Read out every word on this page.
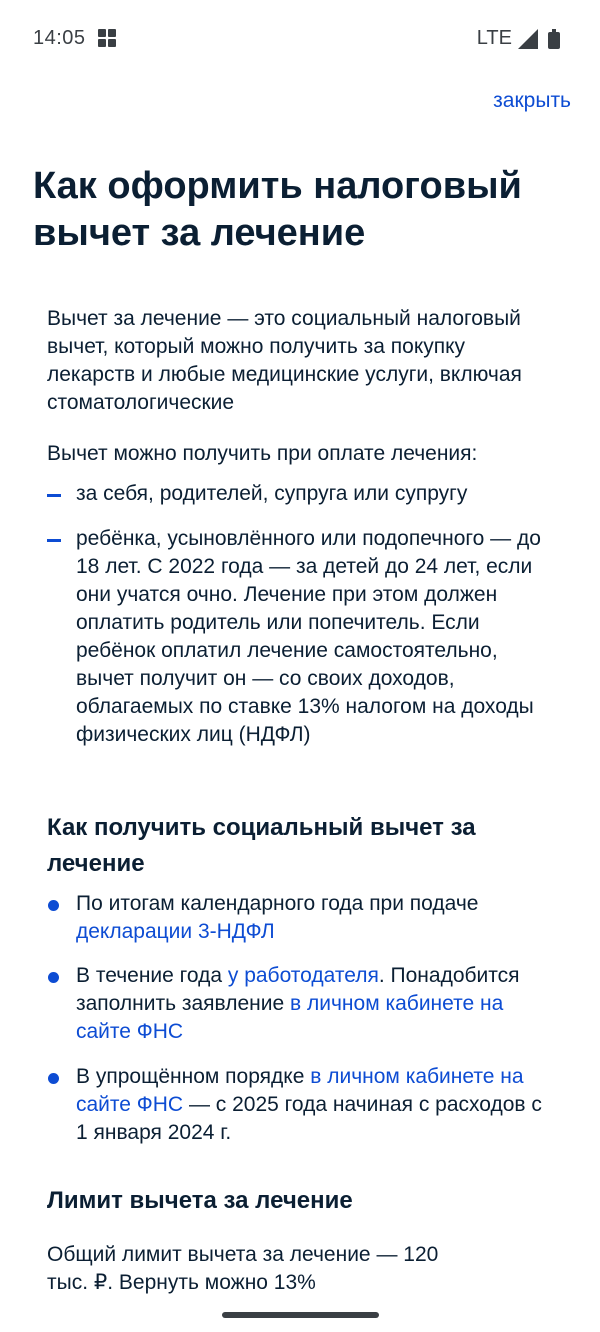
14:05	LTE
закрыть
Как оформить налоговый
вычет за лечение

Вычет за лечение — это социальный налоговый вычет, который можно получить за покупку лекарств и любые медицинские услуги, включая стоматологические

Вычет можно получить при оплате лечения:

за себя, родителей, супруга или супругу
ребёнка, усыновлённого или подопечного — до 18 лет. С 2022 года — за детей до 24 лет, если они учатся очно. Лечение при этом должен оплатить родитель или попечитель. Если ребёнок оплатил лечение самостоятельно, вычет получит он — со своих доходов, облагаемых по ставке 13% налогом на доходы физических лиц (НДФЛ)
Как получить социальный вычет за лечение
По итогам календарного года при подаче декларации 3-НДФЛ
В течение года у работодателя. Понадобится заполнить заявление в личном кабинете на сайте ФНС
В упрощённом порядке в личном кабинете на сайте ФНС — с 2025 года начиная с расходов с 1 января 2024 г.
Лимит вычета за лечение

Общий лимит вычета за лечение — 120 тыс. ₽. Вернуть можно 13%
